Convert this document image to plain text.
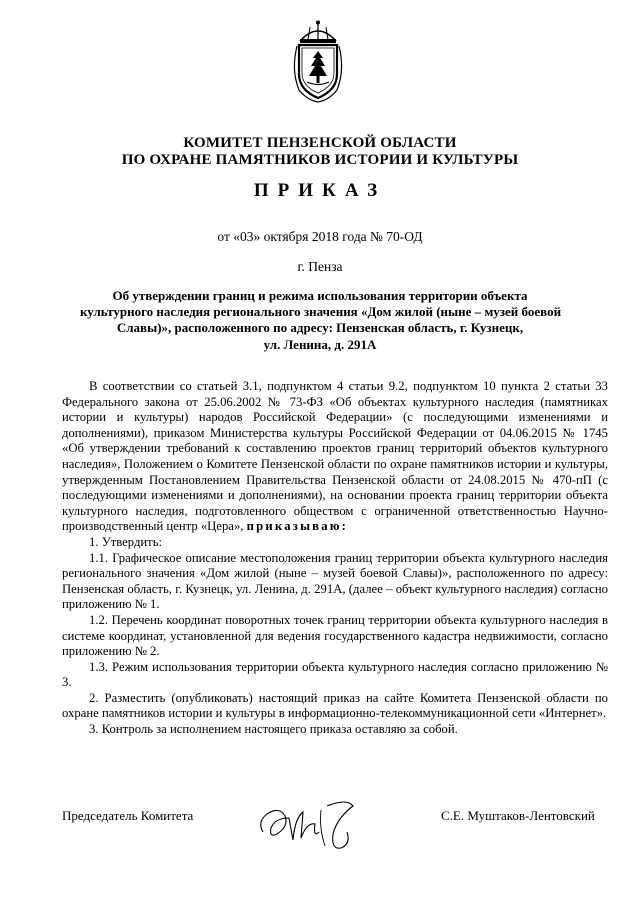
КОМИТЕТ ПЕНЗЕНСКОЙ ОБЛАСТИ
ПО ОХРАНЕ ПАМЯТНИКОВ ИСТОРИИ И КУЛЬТУРЫ
ПРИКАЗ
от «03» октября 2018 года № 70-ОД
г. Пенза
Об утверждении границ и режима использования территории объекта
культурного наследия регионального значения «Дом жилой (ныне – музей боевой
Славы)», расположенного по адресу: Пензенская область, г. Кузнецк,
ул. Ленина, д. 291А

В соответствии со статьей 3.1, подпунктом 4 статьи 9.2, подпунктом 10 пункта 2 статьи 33 Федерального закона от 25.06.2002 № 73-ФЗ «Об объектах культурного наследия (памятниках истории и культуры) народов Российской Федерации» (с последующими изменениями и дополнениями), приказом Министерства культуры Российской Федерации от 04.06.2015 № 1745 «Об утверждении требований к составлению проектов границ территорий объектов культурного наследия», Положением о Комитете Пензенской области по охране памятников истории и культуры, утвержденным Постановлением Правительства Пензенской области от 24.08.2015 № 470-пП (с последующими изменениями и дополнениями), на основании проекта границ территории объекта культурного наследия, подготовленного обществом с ограниченной ответственностью Научно-производственный центр «Цера», приказываю:

1. Утвердить:

1.1. Графическое описание местоположения границ территории объекта культурного наследия регионального значения «Дом жилой (ныне – музей боевой Славы)», расположенного по адресу: Пензенская область, г. Кузнецк, ул. Ленина, д. 291А, (далее – объект культурного наследия) согласно приложению № 1.

1.2. Перечень координат поворотных точек границ территории объекта культурного наследия в системе координат, установленной для ведения государственного кадастра недвижимости, согласно приложению № 2.

1.3. Режим использования территории объекта культурного наследия согласно приложению № 3.

2. Разместить (опубликовать) настоящий приказ на сайте Комитета Пензенской области по охране памятников истории и культуры в информационно-телекоммуникационной сети «Интернет».

3. Контроль за исполнением настоящего приказа оставляю за собой.

Председатель Комитета	С.Е. Муштаков-Лентовский
